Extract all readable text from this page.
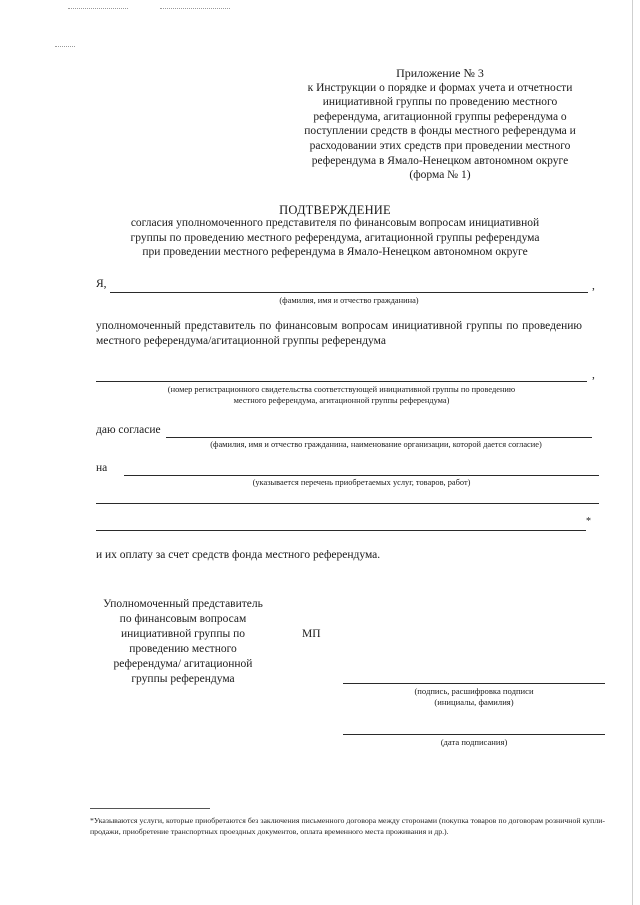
Приложение № 3
к Инструкции о порядке и формах учета и отчетности
инициативной группы по проведению местного
референдума, агитационной группы референдума о
поступлении средств в фонды местного референдума и
расходовании этих средств при проведении местного
референдума в Ямало-Ненецком автономном округе
(форма № 1)
ПОДТВЕРЖДЕНИЕ
согласия уполномоченного представителя по финансовым вопросам инициативной
группы по проведению местного референдума, агитационной группы референдума
при проведении местного референдума в Ямало-Ненецком автономном округе
Я,	,
(фамилия, имя и отчество гражданина)
уполномоченный представитель по финансовым вопросам инициативной группы по проведению местного референдума/агитационной группы референдума
,
(номер регистрационного свидетельства соответствующей инициативной группы по проведению
местного референдума, агитационной группы референдума)
даю согласие
(фамилия, имя и отчество гражданина, наименование организации, которой дается согласие)
на
(указывается перечень приобретаемых услуг, товаров, работ)
*
и их оплату за счет средств фонда местного референдума.
Уполномоченный представитель
по финансовым вопросам
инициативной группы по
проведению местного
референдума/ агитационной
группы референдума
МП
(подпись, расшифровка подписи
(инициалы, фамилия)
(дата подписания)
*Указываются услуги, которые приобретаются без заключения письменного договора между сторонами (покупка товаров по договорам розничной купли-продажи, приобретение транспортных проездных документов, оплата временного места проживания и др.).
